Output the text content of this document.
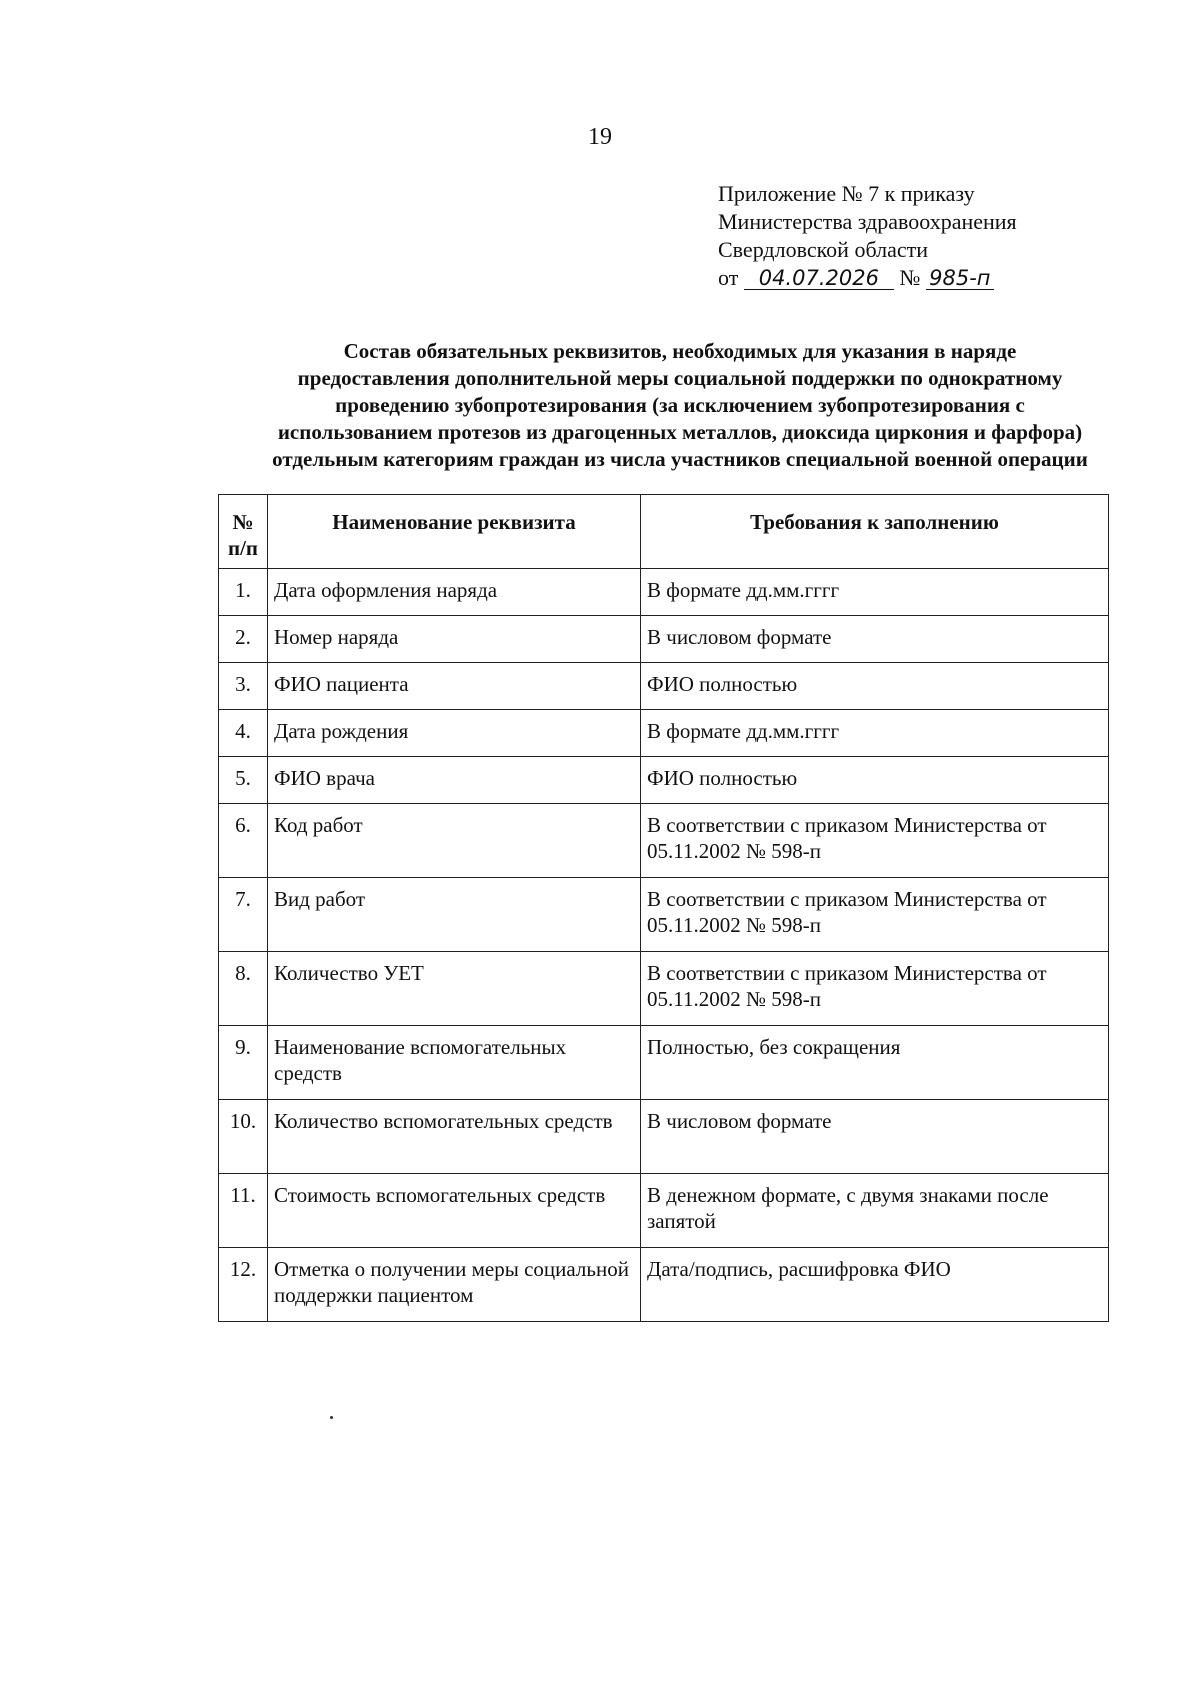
19
Приложение № 7 к приказу
Министерства здравоохранения
Свердловской области
от 04.07.2026 № 985-п
Состав обязательных реквизитов, необходимых для указания в наряде
предоставления дополнительной меры социальной поддержки по однократному
проведению зубопротезирования (за исключением зубопротезирования с
использованием протезов из драгоценных металлов, диоксида циркония и фарфора)
отдельным категориям граждан из числа участников специальной военной операции
№
п/п	Наименование реквизита	Требования к заполнению
1.	Дата оформления наряда	В формате дд.мм.гггг
2.	Номер наряда	В числовом формате
3.	ФИО пациента	ФИО полностью
4.	Дата рождения	В формате дд.мм.гггг
5.	ФИО врача	ФИО полностью
6.	Код работ	В соответствии с приказом Министерства от 05.11.2002 № 598-п
7.	Вид работ	В соответствии с приказом Министерства от 05.11.2002 № 598-п
8.	Количество УЕТ	В соответствии с приказом Министерства от 05.11.2002 № 598-п
9.	Наименование вспомогательных средств	Полностью, без сокращения
10.	Количество вспомогательных средств	В числовом формате
11.	Стоимость вспомогательных средств	В денежном формате, с двумя знаками после запятой
12.	Отметка о получении меры социальной поддержки пациентом	Дата/подпись, расшифровка ФИО
